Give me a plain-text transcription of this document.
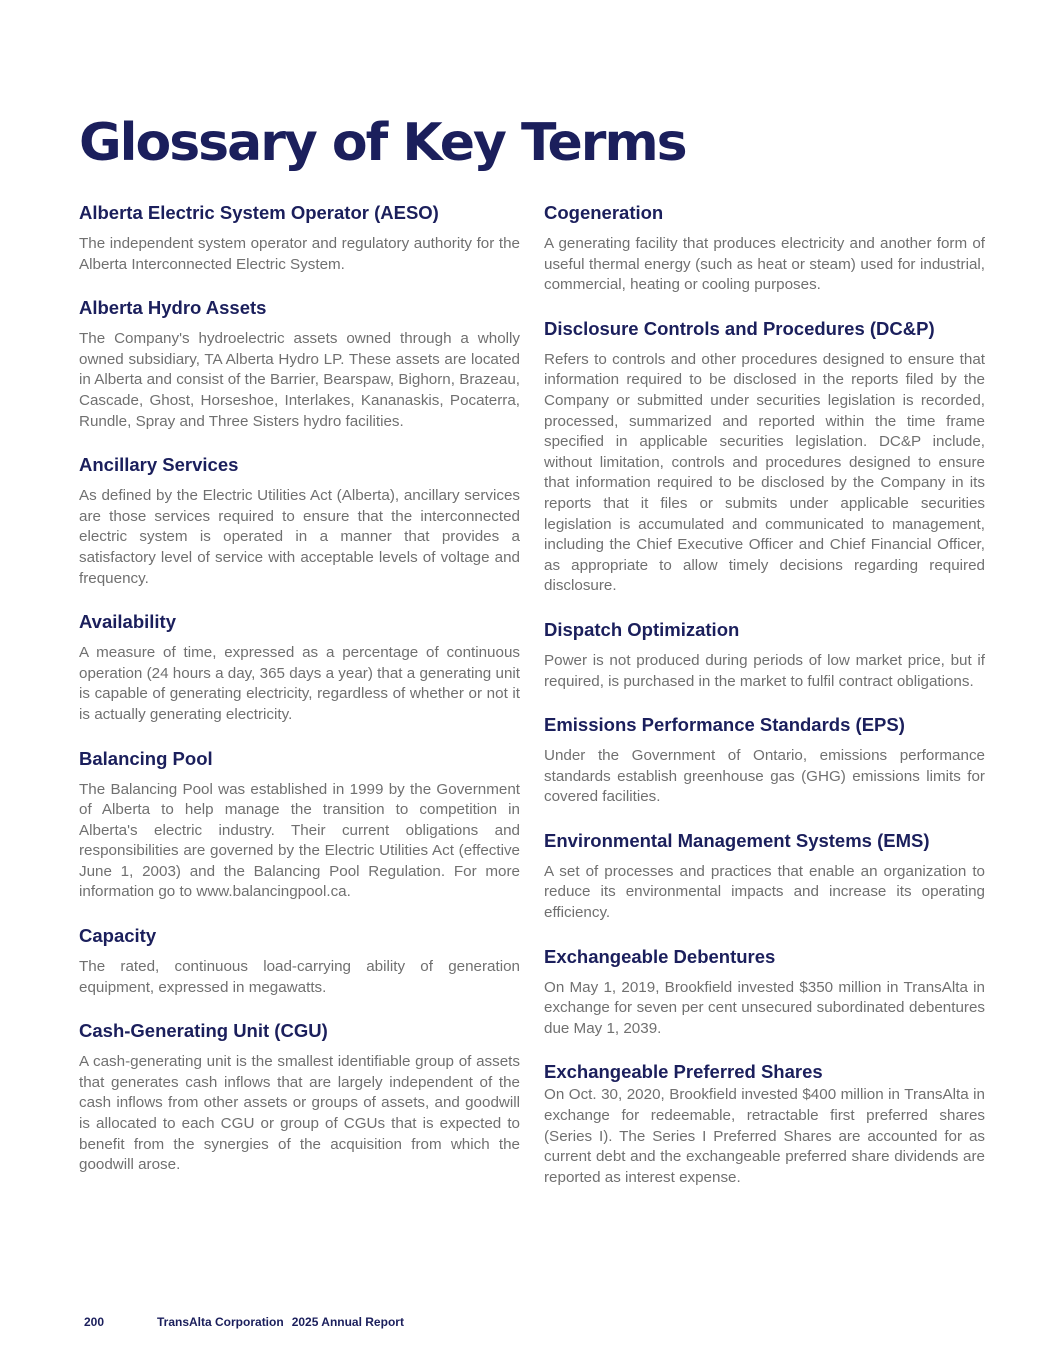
Glossary of Key Terms
Alberta Electric System Operator (AESO)

The independent system operator and regulatory authority for the Alberta Interconnected Electric System.

Alberta Hydro Assets

The Company's hydroelectric assets owned through a wholly owned subsidiary, TA Alberta Hydro LP. These assets are located in Alberta and consist of the Barrier, Bearspaw, Bighorn, Brazeau, Cascade, Ghost, Horseshoe, Interlakes, Kananaskis, Pocaterra, Rundle, Spray and Three Sisters hydro facilities.

Ancillary Services

As defined by the Electric Utilities Act (Alberta), ancillary services are those services required to ensure that the interconnected electric system is operated in a manner that provides a satisfactory level of service with acceptable levels of voltage and frequency.

Availability

A measure of time, expressed as a percentage of continuous operation (24 hours a day, 365 days a year) that a generating unit is capable of generating electricity, regardless of whether or not it is actually generating electricity.

Balancing Pool

The Balancing Pool was established in 1999 by the Government of Alberta to help manage the transition to competition in Alberta's electric industry. Their current obligations and responsibilities are governed by the Electric Utilities Act (effective June 1, 2003) and the Balancing Pool Regulation. For more information go to www.balancingpool.ca.

Capacity

The rated, continuous load-carrying ability of generation equipment, expressed in megawatts.

Cash-Generating Unit (CGU)

A cash-generating unit is the smallest identifiable group of assets that generates cash inflows that are largely independent of the cash inflows from other assets or groups of assets, and goodwill is allocated to each CGU or group of CGUs that is expected to benefit from the synergies of the acquisition from which the goodwill arose.

Cogeneration

A generating facility that produces electricity and another form of useful thermal energy (such as heat or steam) used for industrial, commercial, heating or cooling purposes.

Disclosure Controls and Procedures (DC&P)

Refers to controls and other procedures designed to ensure that information required to be disclosed in the reports filed by the Company or submitted under securities legislation is recorded, processed, summarized and reported within the time frame specified in applicable securities legislation. DC&P include, without limitation, controls and procedures designed to ensure that information required to be disclosed by the Company in its reports that it files or submits under applicable securities legislation is accumulated and communicated to management, including the Chief Executive Officer and Chief Financial Officer, as appropriate to allow timely decisions regarding required disclosure.

Dispatch Optimization

Power is not produced during periods of low market price, but if required, is purchased in the market to fulfil contract obligations.

Emissions Performance Standards (EPS)

Under the Government of Ontario, emissions performance standards establish greenhouse gas (GHG) emissions limits for covered facilities.

Environmental Management Systems (EMS)

A set of processes and practices that enable an organization to reduce its environmental impacts and increase its operating efficiency.

Exchangeable Debentures

On May 1, 2019, Brookfield invested $350 million in TransAlta in exchange for seven per cent unsecured subordinated debentures due May 1, 2039.

Exchangeable Preferred Shares

On Oct. 30, 2020, Brookfield invested $400 million in TransAlta in exchange for redeemable, retractable first preferred shares (Series I). The Series I Preferred Shares are accounted for as current debt and the exchangeable preferred share dividends are reported as interest expense.

200	TransAlta Corporation 2025 Annual Report
